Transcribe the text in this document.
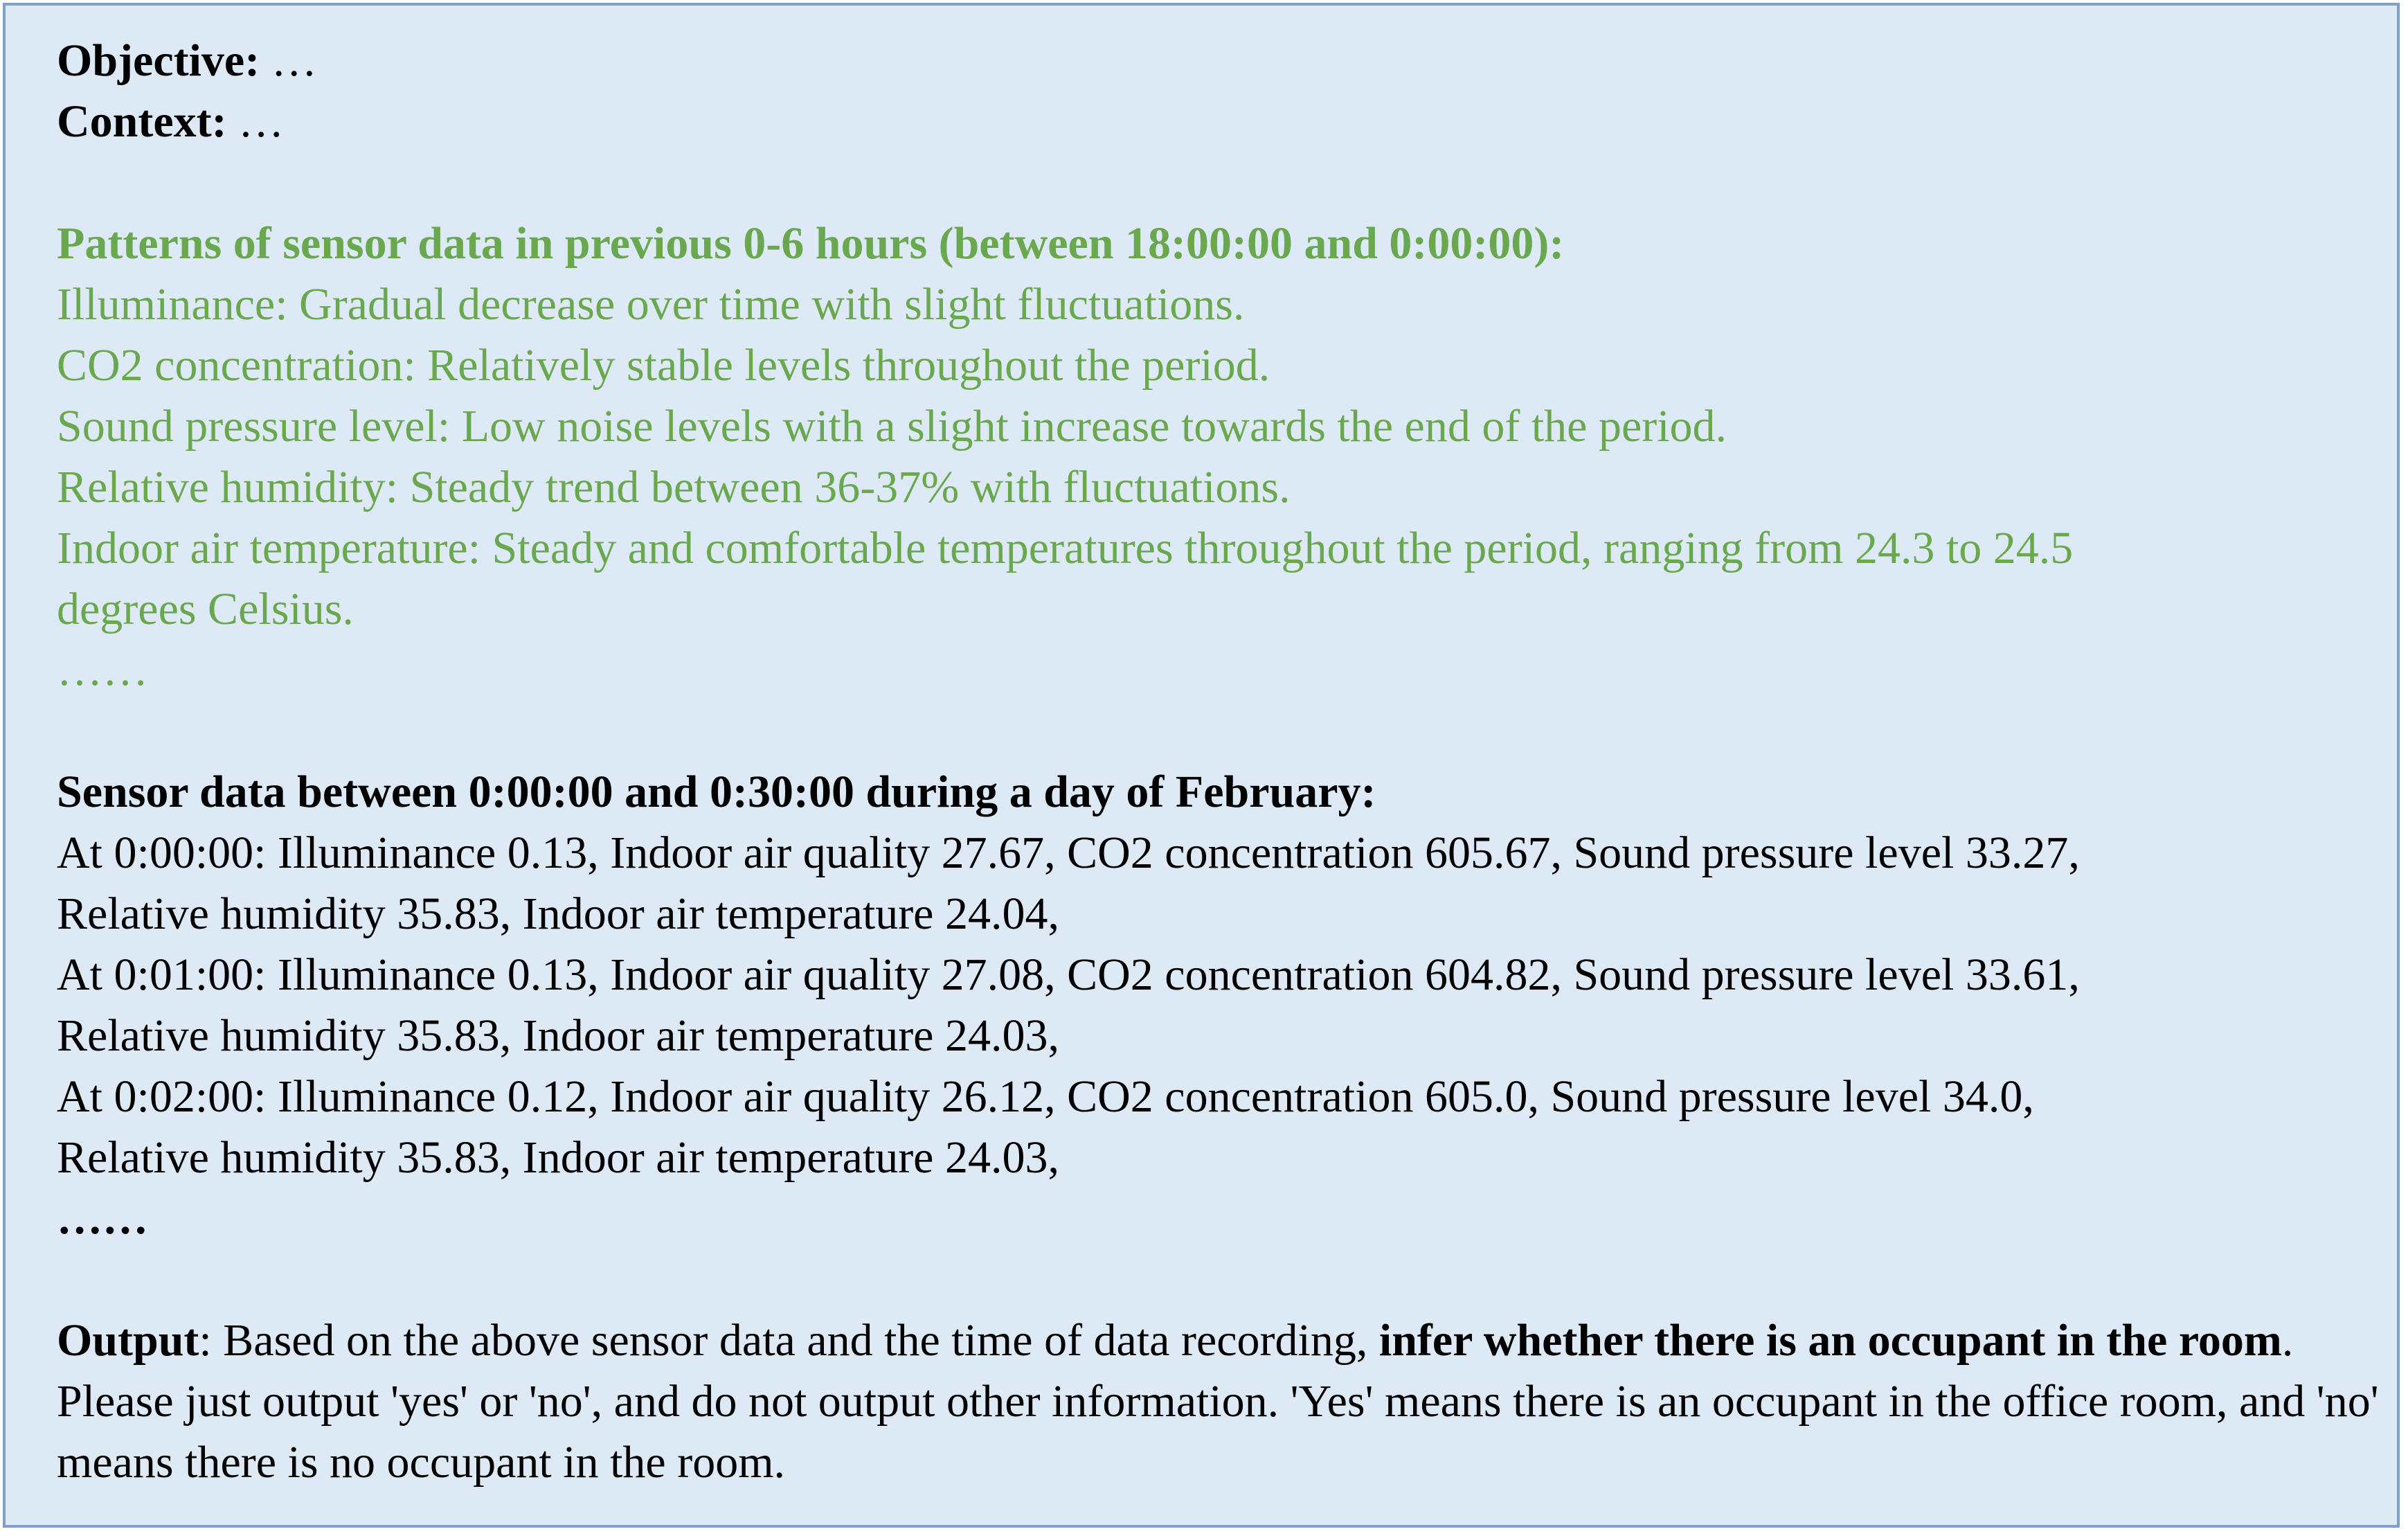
Objective: …
Context: …
Patterns of sensor data in previous 0-6 hours (between 18:00:00 and 0:00:00):
Illuminance: Gradual decrease over time with slight fluctuations.
CO2 concentration: Relatively stable levels throughout the period.
Sound pressure level: Low noise levels with a slight increase towards the end of the period.
Relative humidity: Steady trend between 36-37% with fluctuations.
Indoor air temperature: Steady and comfortable temperatures throughout the period, ranging from 24.3 to 24.5
degrees Celsius.
……
Sensor data between 0:00:00 and 0:30:00 during a day of February:
At 0:00:00: Illuminance 0.13, Indoor air quality 27.67, CO2 concentration 605.67, Sound pressure level 33.27,
Relative humidity 35.83, Indoor air temperature 24.04,
At 0:01:00: Illuminance 0.13, Indoor air quality 27.08, CO2 concentration 604.82, Sound pressure level 33.61,
Relative humidity 35.83, Indoor air temperature 24.03,
At 0:02:00: Illuminance 0.12, Indoor air quality 26.12, CO2 concentration 605.0, Sound pressure level 34.0,
Relative humidity 35.83, Indoor air temperature 24.03,
……
Output: Based on the above sensor data and the time of data recording, infer whether there is an occupant in the room. Please just output 'yes' or 'no', and do not output other information. 'Yes' means there is an occupant in the office room, and 'no' means there is no occupant in the room.
